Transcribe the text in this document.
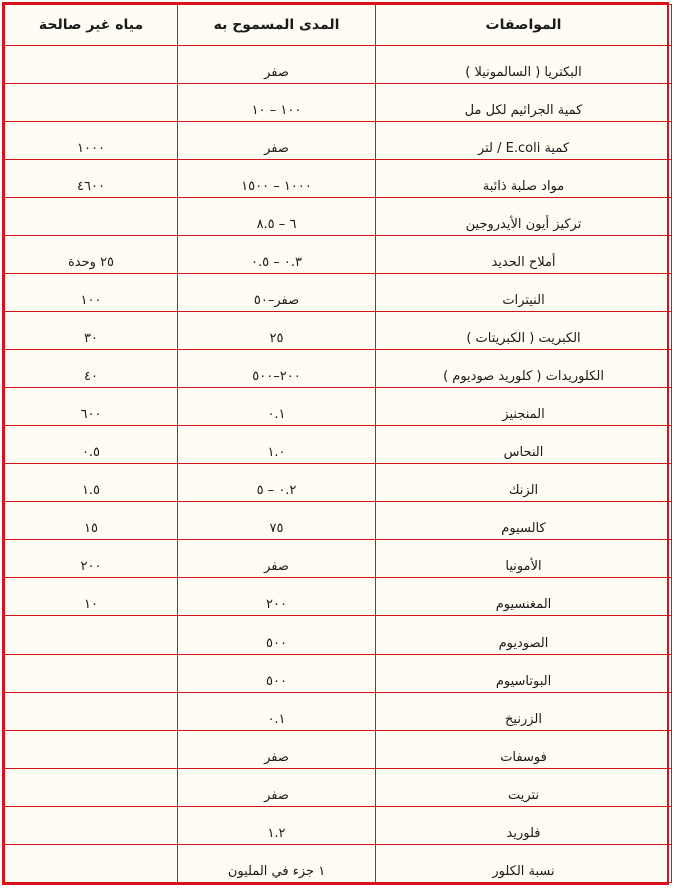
المواصفات	المدى المسموح به	مياه غير صالحة
البكتريا ( السالمونيلا )	صفر	
كمية الجراثيم لكل مل	١٠٠ – ١٠	
كمية E.coli / لتر	صفر	١٠٠٠
مواد صلبة ذائبة	١٠٠٠ – ١٥٠٠	٤٦٠٠
تركيز أيون الأيدروجين	٦ – ٨.٥	
أملاح الحديد	٠.٣ – ٠.٥	٢٥ وحدة
النيترات	صفر–٥٠	١٠٠
الكبريت ( الكبريتات )	٢٥	٣٠
الكلوريدات ( كلوريد صوديوم )	٢٠٠–٥٠٠	٤٠
المنجنيز	٠.١	٦٠٠
النحاس	١.٠	٠.٥
الزنك	٠.٢ – ٥	١.٥
كالسيوم	٧٥	١٥
الأمونيا	صفر	٢٠٠
المغنسيوم	٢٠٠	١٠
الصوديوم	٥٠٠	
البوتاسيوم	٥٠٠	
الزرنيخ	٠.١	
فوسفات	صفر	
نتريت	صفر	
فلوريد	١.٢	
نسبة الكلور	١ جزء في المليون	
